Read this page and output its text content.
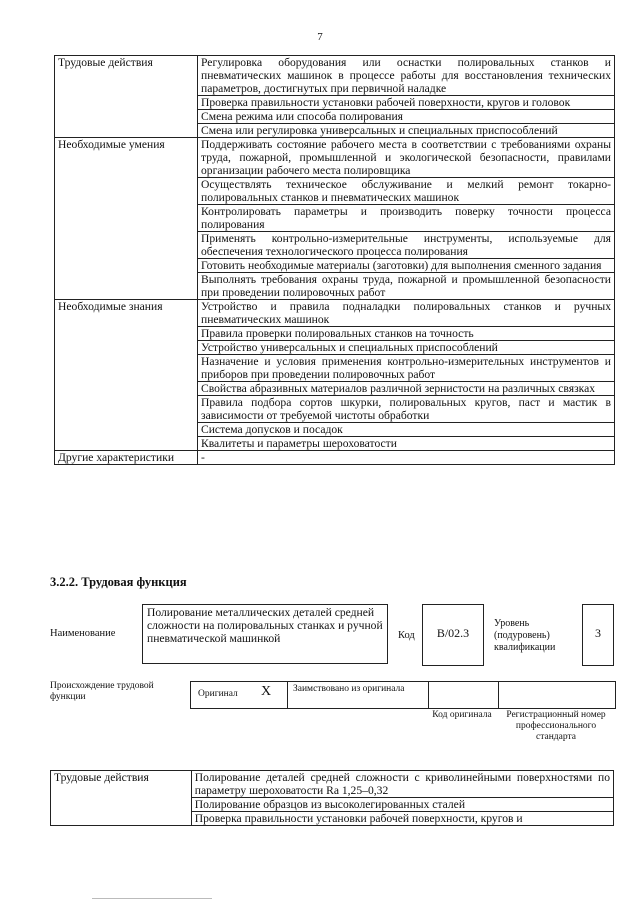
7
Трудовые действия	Регулировка оборудования или оснастки полировальных станков и пневматических машинок в процессе работы для восстановления технических параметров, достигнутых при первичной наладке
	Проверка правильности установки рабочей поверхности, кругов и головок
	Смена режима или способа полирования
	Смена или регулировка универсальных и специальных приспособлений
Необходимые умения	Поддерживать состояние рабочего места в соответствии с требованиями охраны труда, пожарной, промышленной и экологической безопасности, правилами организации рабочего места полировщика
	Осуществлять техническое обслуживание и мелкий ремонт токарно-полировальных станков и пневматических машинок
	Контролировать параметры и производить поверку точности процесса полирования
	Применять контрольно-измерительные инструменты, используемые для обеспечения технологического процесса полирования
	Готовить необходимые материалы (заготовки) для выполнения сменного задания
	Выполнять требования охраны труда, пожарной и промышленной безопасности при проведении полировочных работ
Необходимые знания	Устройство и правила подналадки полировальных станков и ручных пневматических машинок
	Правила проверки полировальных станков на точность
	Устройство универсальных и специальных приспособлений
	Назначение и условия применения контрольно-измерительных инструментов и приборов при проведении полировочных работ
	Свойства абразивных материалов различной зернистости на различных связках
	Правила подбора сортов шкурки, полировальных кругов, паст и мастик в зависимости от требуемой чистоты обработки
	Система допусков и посадок
	Квалитеты и параметры шероховатости
Другие характеристики	-
3.2.2. Трудовая функция
Наименование
Полирование металлических деталей средней сложности на полировальных станках и ручной пневматической машинкой	Код	B/02.3
Уровень (подуровень) квалификации
3
Происхождение трудовой функции	Оригинал X Заимствовано из оригинала
Код оригинала	Регистрационный номер профессионального стандарта
Трудовые действия	Полирование деталей средней сложности с криволинейными поверхностями по параметру шероховатости Ra 1,25–0,32
Полирование образцов из высоколегированных сталей
Проверка правильности установки рабочей поверхности, кругов и
